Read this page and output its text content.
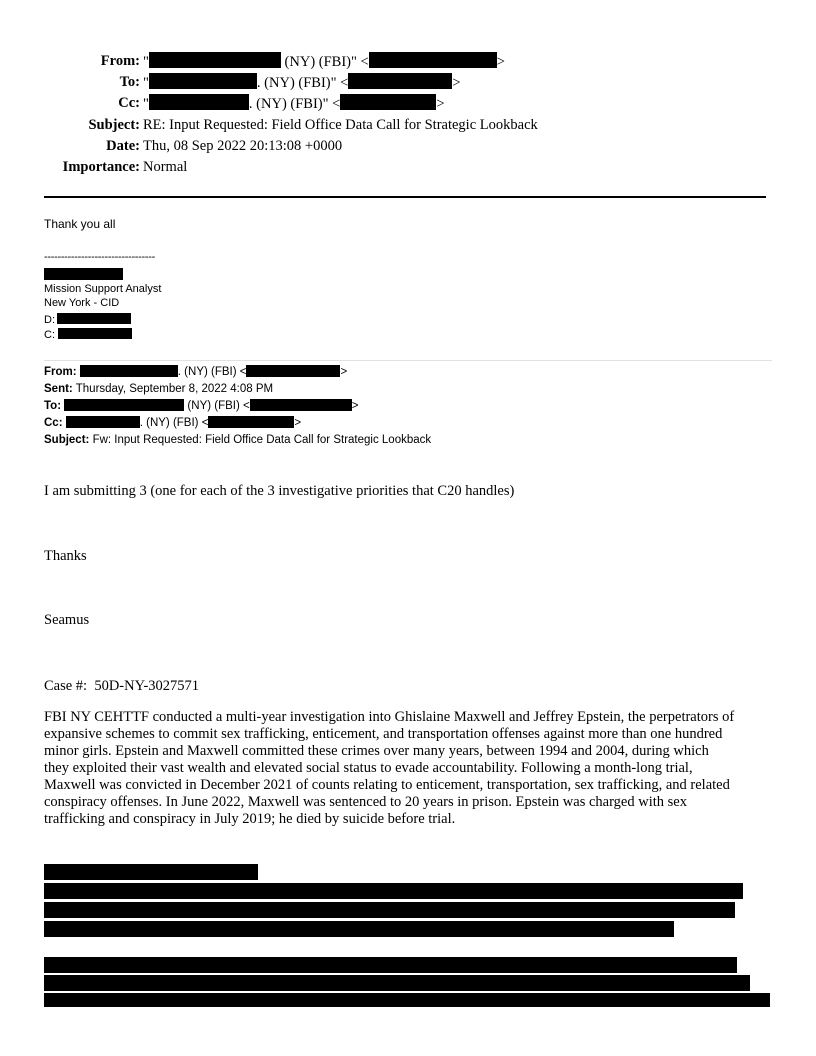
From: "	(NY) (FBI)" <	>
To: "	. (NY) (FBI)" <	>
Cc: "	. (NY) (FBI)" <	>
Subject: RE: Input Requested: Field Office Data Call for Strategic Lookback
Date: Thu, 08 Sep 2022 20:13:08 +0000
Importance: Normal
Thank you all
---------------------------------
Mission Support Analyst
New York - CID
D:
C:
From:	. (NY) (FBI) <	>
Sent: Thursday, September 8, 2022 4:08 PM
To:	(NY) (FBI) <	>
Cc:	. (NY) (FBI) <	>
Subject: Fw: Input Requested: Field Office Data Call for Strategic Lookback
I am submitting 3 (one for each of the 3 investigative priorities that C20 handles)
Thanks
Seamus
Case #:  50D-NY-3027571
FBI NY CEHTTF conducted a multi-year investigation into Ghislaine Maxwell and Jeffrey Epstein, the perpetrators of
expansive schemes to commit sex trafficking, enticement, and transportation offenses against more than one hundred
minor girls. Epstein and Maxwell committed these crimes over many years, between 1994 and 2004, during which
they exploited their vast wealth and elevated social status to evade accountability. Following a month-long trial,
Maxwell was convicted in December 2021 of counts relating to enticement, transportation, sex trafficking, and related
conspiracy offenses. In June 2022, Maxwell was sentenced to 20 years in prison. Epstein was charged with sex
trafficking and conspiracy in July 2019; he died by suicide before trial.
